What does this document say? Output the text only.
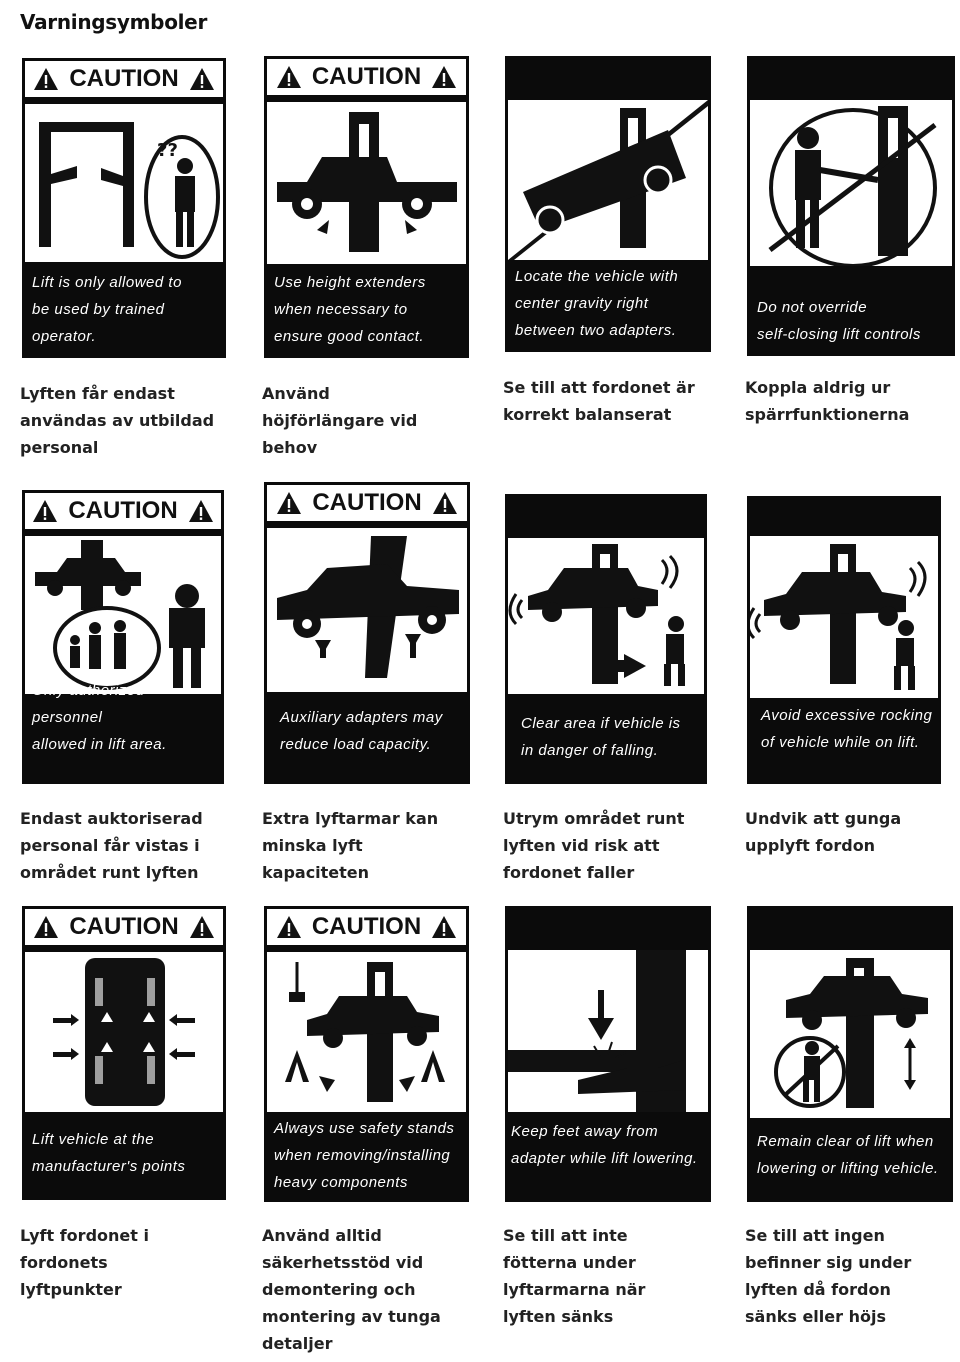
Varningsymboler
CAUTION
??
Lift is only allowed to
be used by trained
operator.
CAUTION
Use height extenders
when necessary to
ensure good contact.
Locate the vehicle with
center gravity right
between two adapters.
Do not override
self-closing lift controls
CAUTION
Only authorized personnel
allowed in lift area.
CAUTION
Auxiliary adapters may
reduce load capacity.
Clear area if vehicle is
in danger of falling.
Avoid excessive rocking
of vehicle while on lift.
CAUTION
Lift vehicle at the
manufacturer's points
CAUTION
Always use safety stands
when removing/installing
heavy components
Keep feet away from
adapter while lift lowering.
Remain clear of lift when
lowering or lifting vehicle.
Lyften får endast
användas av utbildad
personal
Använd
höjförlängare vid
behov
Se till att fordonet är
korrekt balanserat
Koppla aldrig ur
spärrfunktionerna
Endast auktoriserad
personal får vistas i
området runt lyften
Extra lyftarmar kan
minska lyft
kapaciteten
Utrym området runt
lyften vid risk att
fordonet faller
Undvik att gunga
upplyft fordon
Lyft fordonet i
fordonets
lyftpunkter
Använd alltid
säkerhetsstöd vid
demontering och
montering av tunga
detaljer
Se till att inte
fötterna under
lyftarmarna när
lyften sänks
Se till att ingen
befinner sig under
lyften då fordon
sänks eller höjs
